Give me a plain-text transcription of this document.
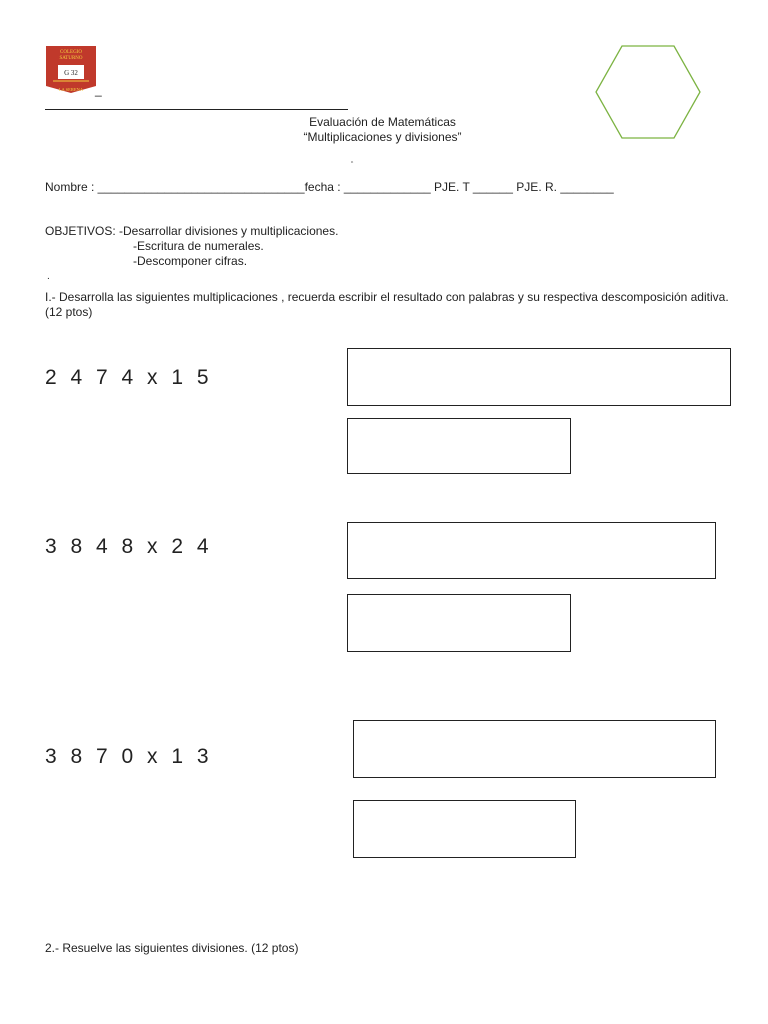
COLEGIO
SATURNO
G 32
LA SERENA _
Evaluación de Matemáticas
“Multiplicaciones y divisiones”
“
Nombre : _______________________________fecha : _____________ PJE. T ______ PJE. R. ________
OBJETIVOS: -Desarrollar divisiones y multiplicaciones.
-Escritura de numerales.
-Descomponer cifras.
.
I.- Desarrolla las siguientes multiplicaciones , recuerda escribir el resultado con palabras y su respectiva descomposición aditiva. (12 ptos)
2 4 7 4 x 1 5
3 8 4 8 x 2 4
3 8 7 0 x 1 3
2.- Resuelve las siguientes divisiones. (12 ptos)
